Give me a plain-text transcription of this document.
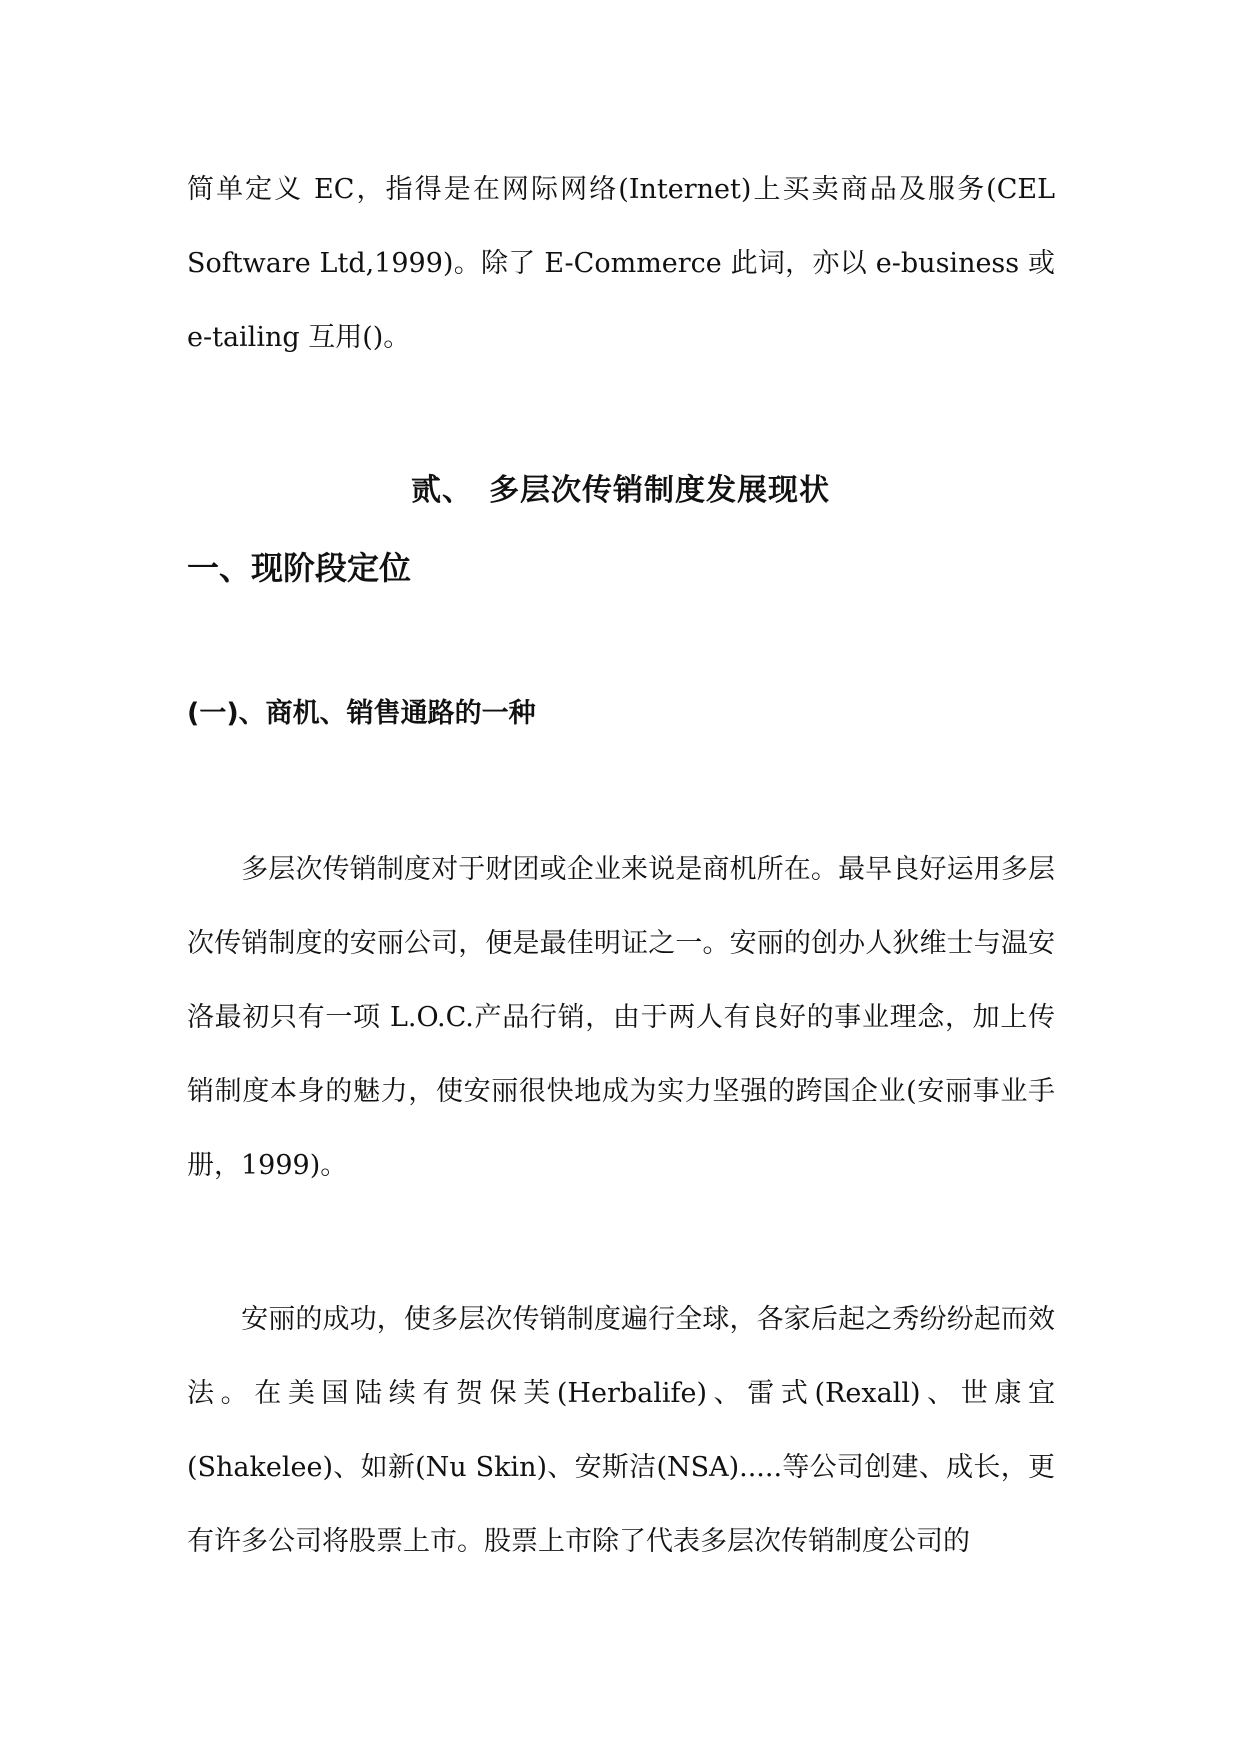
简单定义 EC，指得是在网际网络(Internet)上买卖商品及服务(CEL Software Ltd,1999)。除了 E-Commerce 此词，亦以 e-business 或 e-tailing 互用()。

贰、　多层次传销制度发展现状
一、现阶段定位
(一)、商机、销售通路的一种

多层次传销制度对于财团或企业来说是商机所在。最早良好运用多层次传销制度的安丽公司，便是最佳明证之一。安丽的创办人狄维士与温安洛最初只有一项 L.O.C.产品行销，由于两人有良好的事业理念，加上传销制度本身的魅力，使安丽很快地成为实力坚强的跨国企业(安丽事业手册，1999)。

安丽的成功，使多层次传销制度遍行全球，各家后起之秀纷纷起而效法。在美国陆续有贺保芙(Herbalife)、雷式(Rexall)、世康宜(Shakelee)、如新(Nu Skin)、安斯洁(NSA).....等公司创建、成长，更有许多公司将股票上市。股票上市除了代表多层次传销制度公司的
